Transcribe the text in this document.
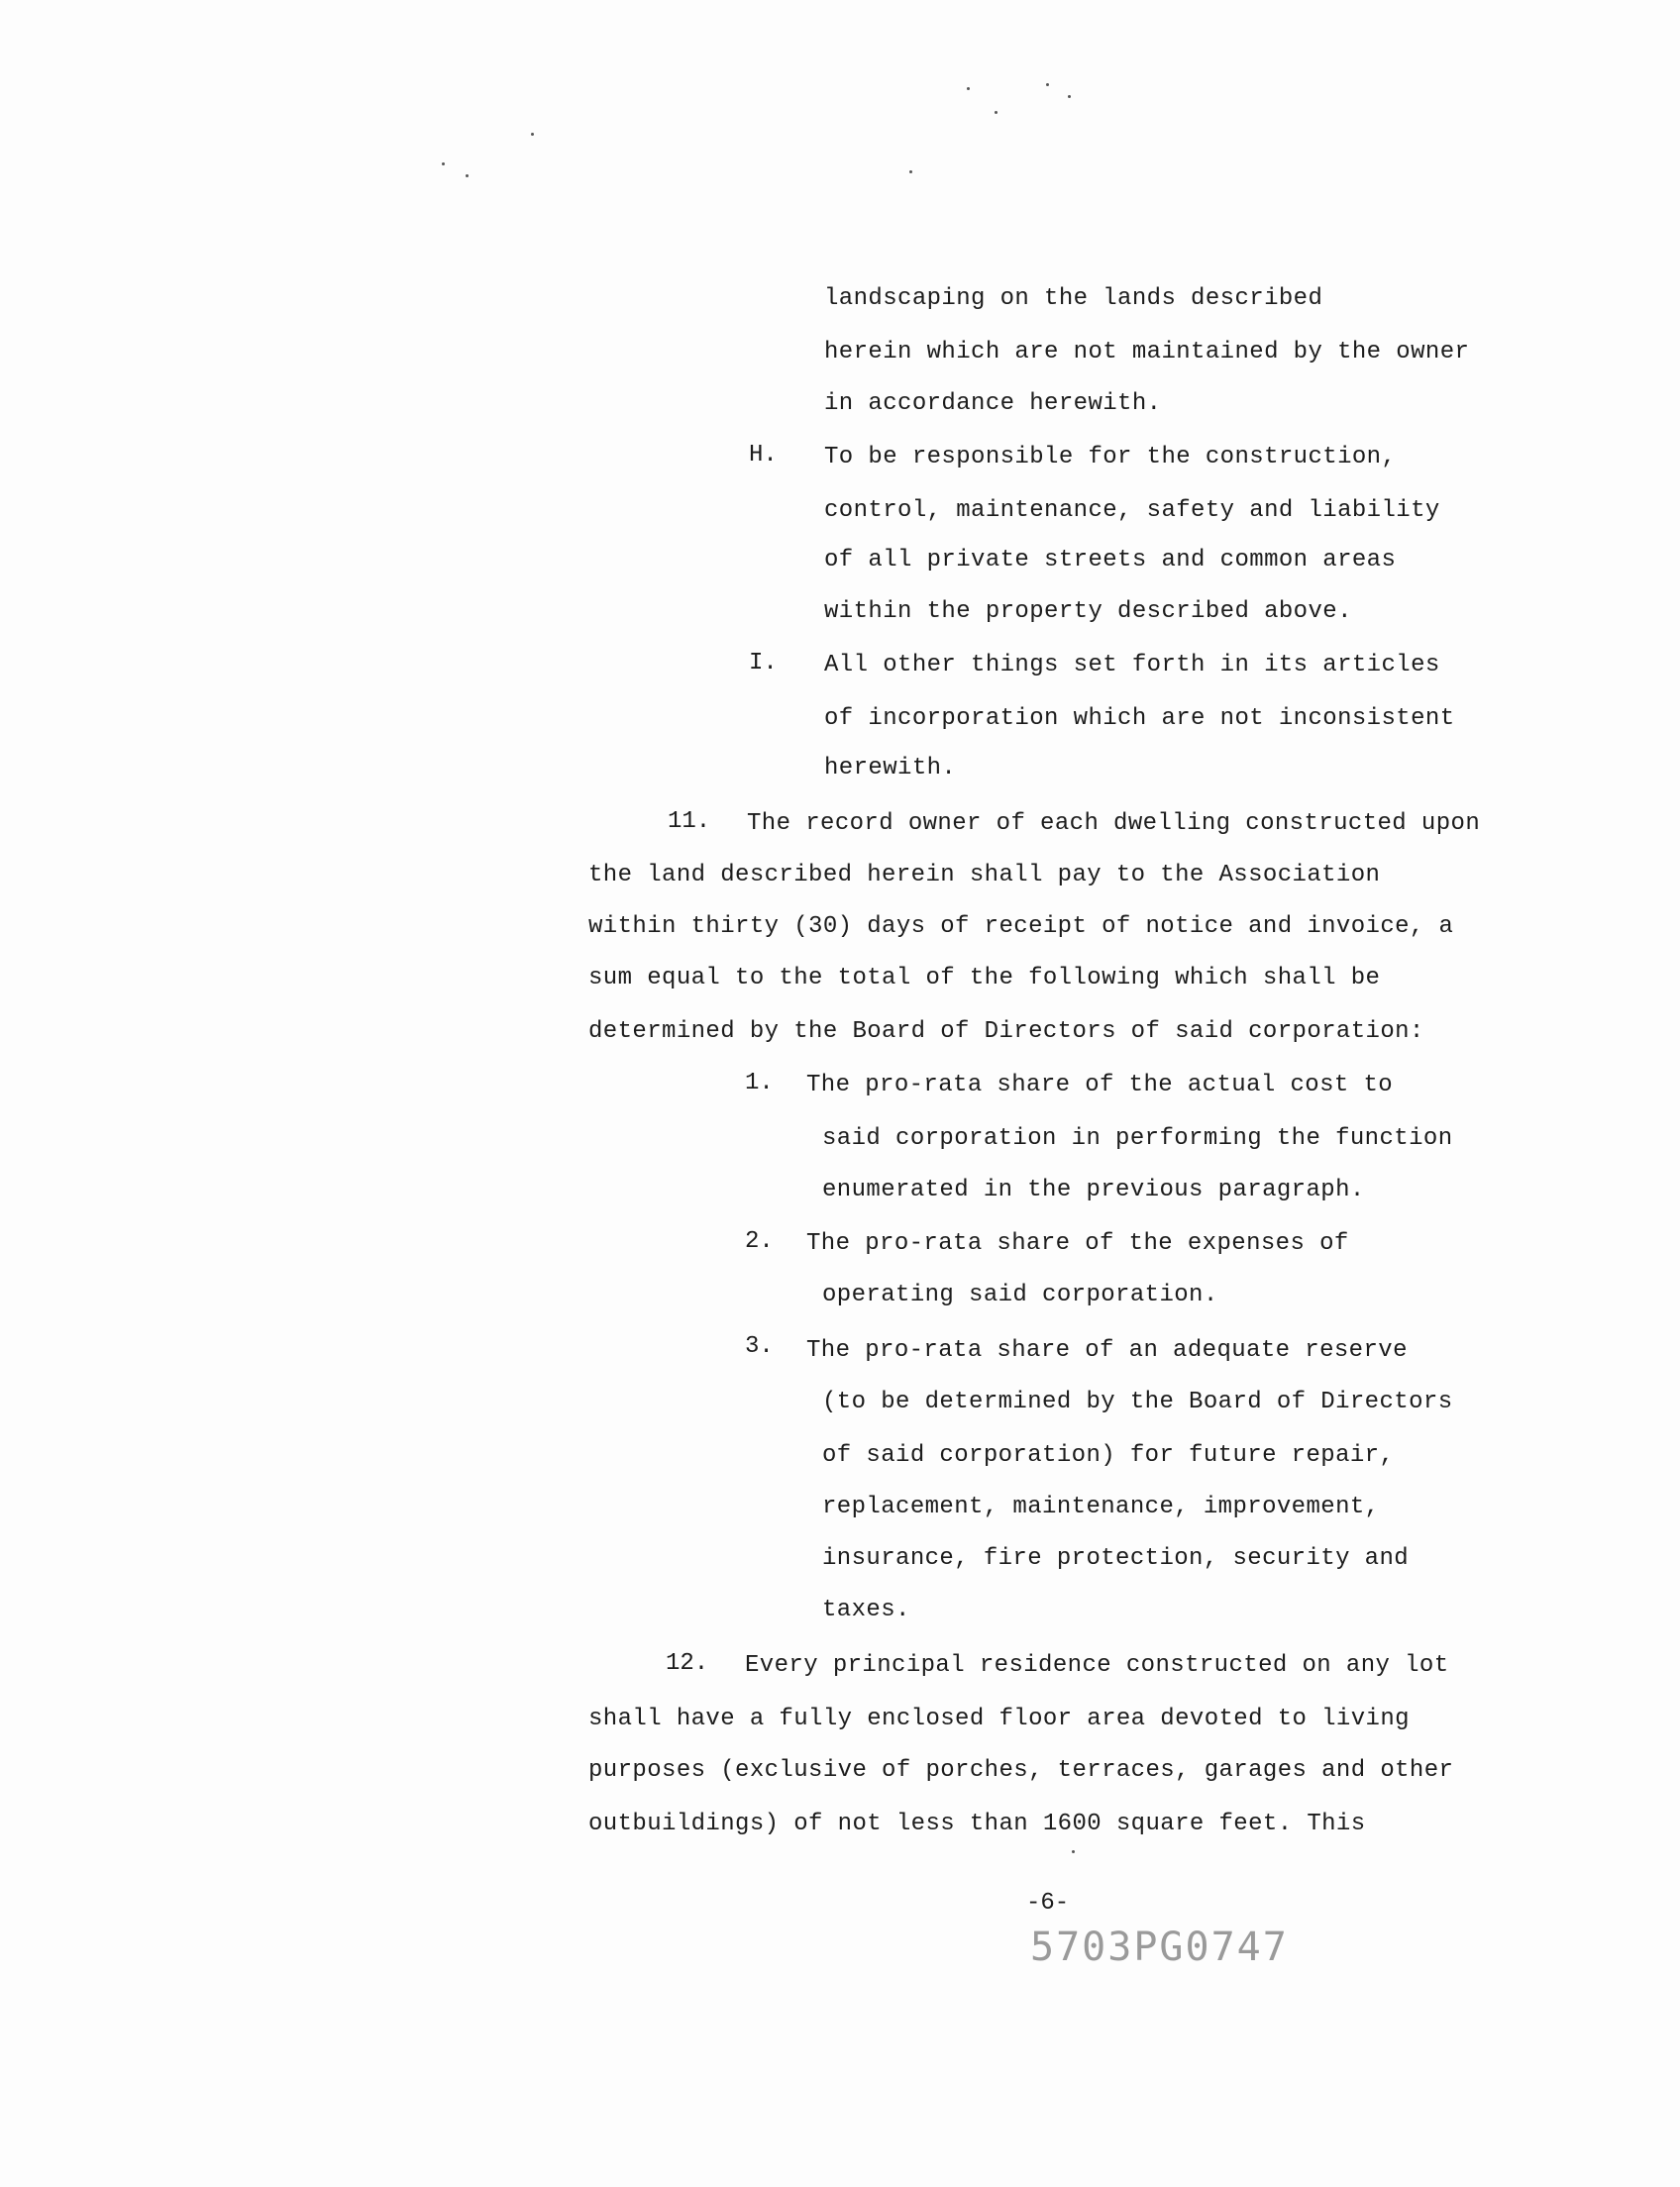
landscaping on the lands described
herein which are not maintained by the owner
in accordance herewith.
H. To be responsible for the construction,
control, maintenance, safety and liability
of all private streets and common areas
within the property described above.
I. All other things set forth in its articles
of incorporation which are not inconsistent
herewith.
11. The record owner of each dwelling constructed upon
the land described herein shall pay to the Association
within thirty (30) days of receipt of notice and invoice, a
sum equal to the total of the following which shall be
determined by the Board of Directors of said corporation:
1. The pro-rata share of the actual cost to
said corporation in performing the function
enumerated in the previous paragraph.
2. The pro-rata share of the expenses of
operating said corporation.
3. The pro-rata share of an adequate reserve
(to be determined by the Board of Directors
of said corporation) for future repair,
replacement, maintenance, improvement,
insurance, fire protection, security and
taxes.
12. Every principal residence constructed on any lot
shall have a fully enclosed floor area devoted to living
purposes (exclusive of porches, terraces, garages and other
outbuildings) of not less than 1600 square feet. This
-6-
5703PG0747
